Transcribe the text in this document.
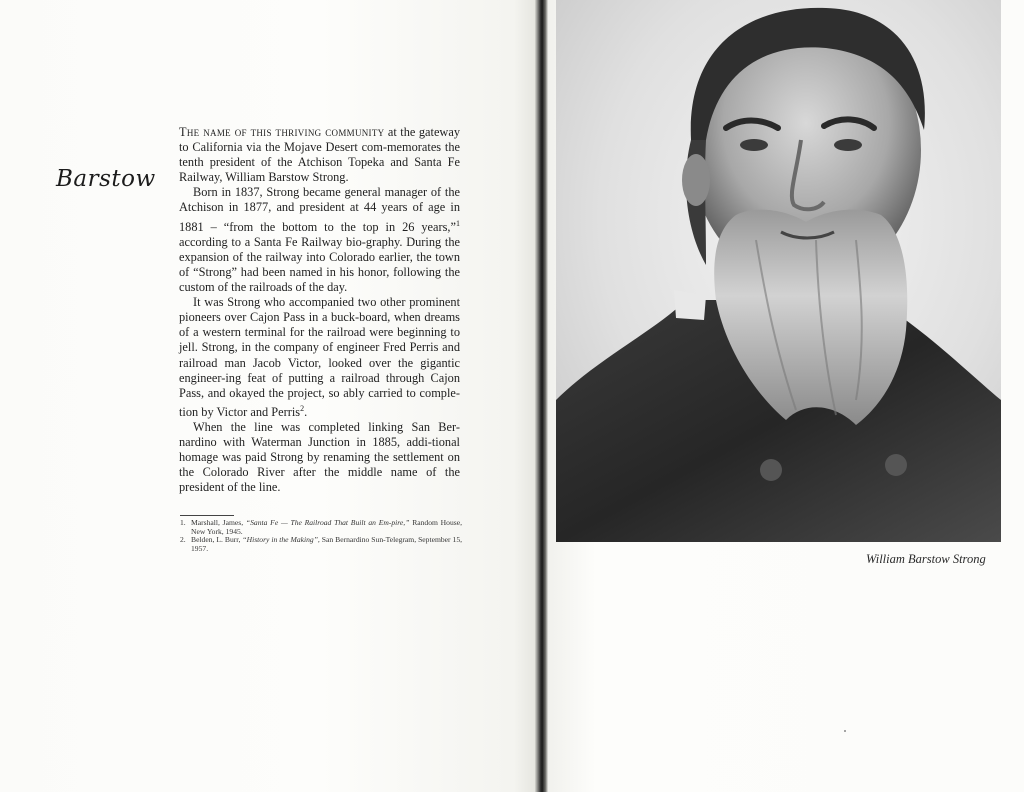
Barstow

The name of this thriving community at the gateway to California via the Mojave Desert com-memorates the tenth president of the Atchison Topeka and Santa Fe Railway, William Barstow Strong.

Born in 1837, Strong became general manager of the Atchison in 1877, and president at 44 years of age in 1881 – “from the bottom to the top in 26 years,”$^1$ according to a Santa Fe Railway bio-graphy. During the expansion of the railway into Colorado earlier, the town of “Strong” had been named in his honor, following the custom of the railroads of the day.

It was Strong who accompanied two other prominent pioneers over Cajon Pass in a buck-board, when dreams of a western terminal for the railroad were beginning to jell. Strong, in the company of engineer Fred Perris and railroad man Jacob Victor, looked over the gigantic engineer-ing feat of putting a railroad through Cajon Pass, and okayed the project, so ably carried to comple-tion by Victor and Perris$^2$.

When the line was completed linking San Ber-nardino with Waterman Junction in 1885, addi-tional homage was paid Strong by renaming the settlement on the Colorado River after the middle name of the president of the line.

1. Marshall, James, “Santa Fe — The Railroad That Built an Em-pire,” Random House, New York, 1945.
2. Belden, L. Burr, “History in the Making”, San Bernardino Sun-Telegram, September 15, 1957.
William Barstow Strong
